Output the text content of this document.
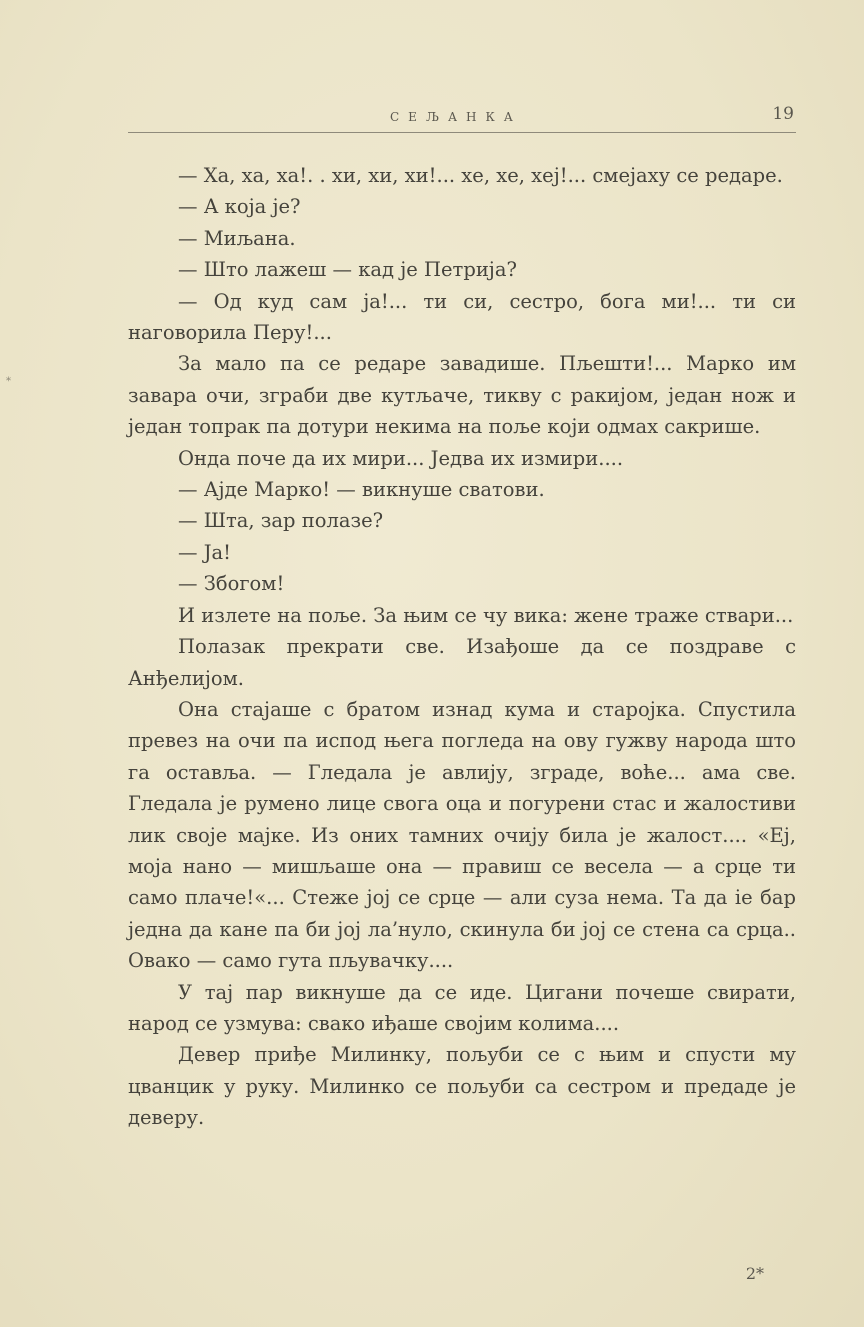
СЕЉАНКА	19
*

— Ха, ха, ха!. . хи, хи, хи!... хе, хе, хеј!... смејаху се редаре.

— А која је?

— Миљана.

— Што лажеш — кад је Петрија?

— Од куд сам ја!... ти си, сестро, бога ми!... ти си наговорила Перу!...

За мало па се редаре завадише. Пљешти!... Марко им завара очи, зграби две кутљаче, тикву с ракијом, један нож и један топрак па дотури некима на поље који одмах сакрише.

Онда поче да их мири... Једва их измири....

— Ајде Марко! — викнуше сватови.

— Шта, зар полазе?

— Ја!

— Збогом!

И излете на поље. За њим се чу вика: жене траже ствари...

Полазак прекрати све. Изађоше да се поздраве с Анђелијом.

Она стајаше с братом изнад кума и старојка. Спустила превез на очи па испод њега погледа на ову гужву народа што га оставља. — Гледала је авлију, зграде, воће... ама све. Гледала је румено лице свога оца и погурени стас и жалостиви лик своје мајке. Из оних тамних очију била је жалост.... «Еј, моја нано — мишљаше она — правиш се весела — а срце ти само плаче!«... Стеже јој се срце — али суза нема. Та да іе бар једна да кане па би јој ла’нуло, скинула би јој се стена са срца.. Овако — само гута пљувачку....

У тај пар викнуше да се иде. Цигани почеше свирати, народ се узмува: свако иђаше својим колима....

Девер приђе Милинку, пољуби се с њим и спусти му цванцик у руку. Милинко се пољуби са сестром и предаде је деверу.

2*
